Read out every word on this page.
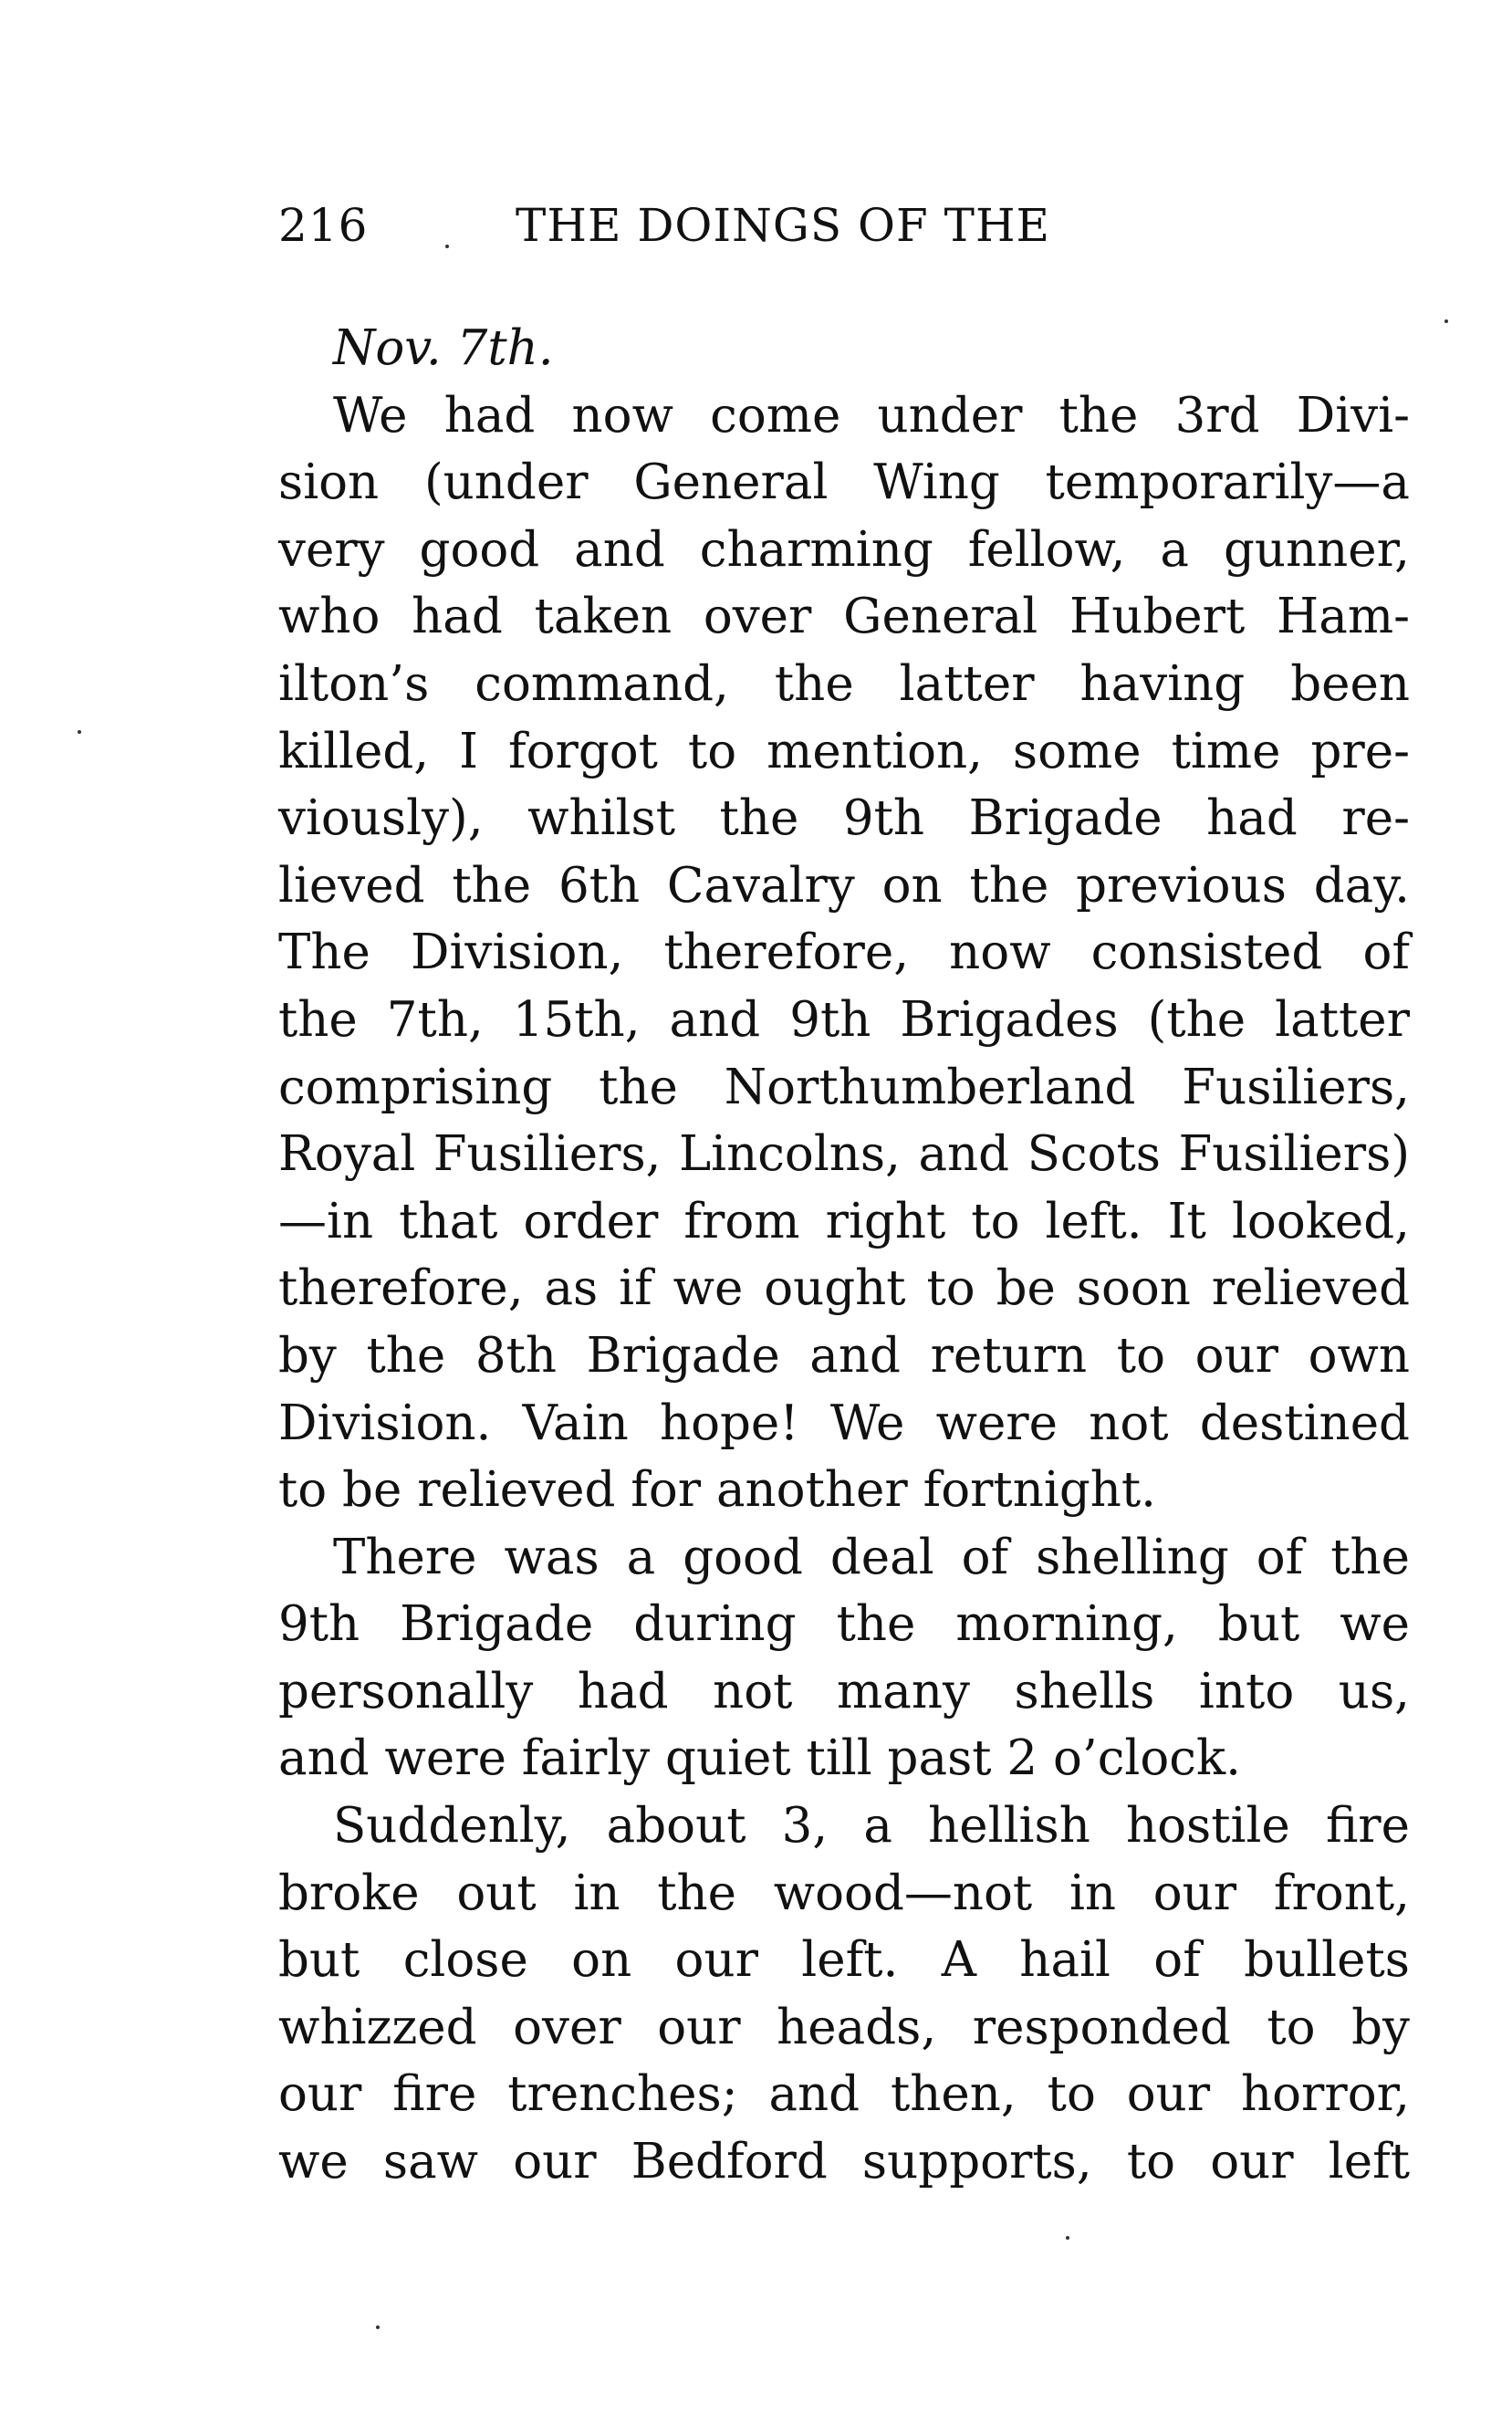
216	THE DOINGS OF THE

Nov. 7th.

We had now come under the 3rd Divi-
sion (under General Wing temporarily—a
very good and charming fellow, a gunner,
who had taken over General Hubert Ham-
ilton’s command, the latter having been
killed, I forgot to mention, some time pre-
viously), whilst the 9th Brigade had re-
lieved the 6th Cavalry on the previous day.
The Division, therefore, now consisted of
the 7th, 15th, and 9th Brigades (the latter
comprising the Northumberland Fusiliers,
Royal Fusiliers, Lincolns, and Scots Fusiliers)
—in that order from right to left. It looked,
therefore, as if we ought to be soon relieved
by the 8th Brigade and return to our own
Division. Vain hope! We were not destined
to be relieved for another fortnight.

There was a good deal of shelling of the
9th Brigade during the morning, but we
personally had not many shells into us,
and were fairly quiet till past 2 o’clock.

Suddenly, about 3, a hellish hostile fire
broke out in the wood—not in our front,
but close on our left. A hail of bullets
whizzed over our heads, responded to by
our fire trenches; and then, to our horror,
we saw our Bedford supports, to our left
